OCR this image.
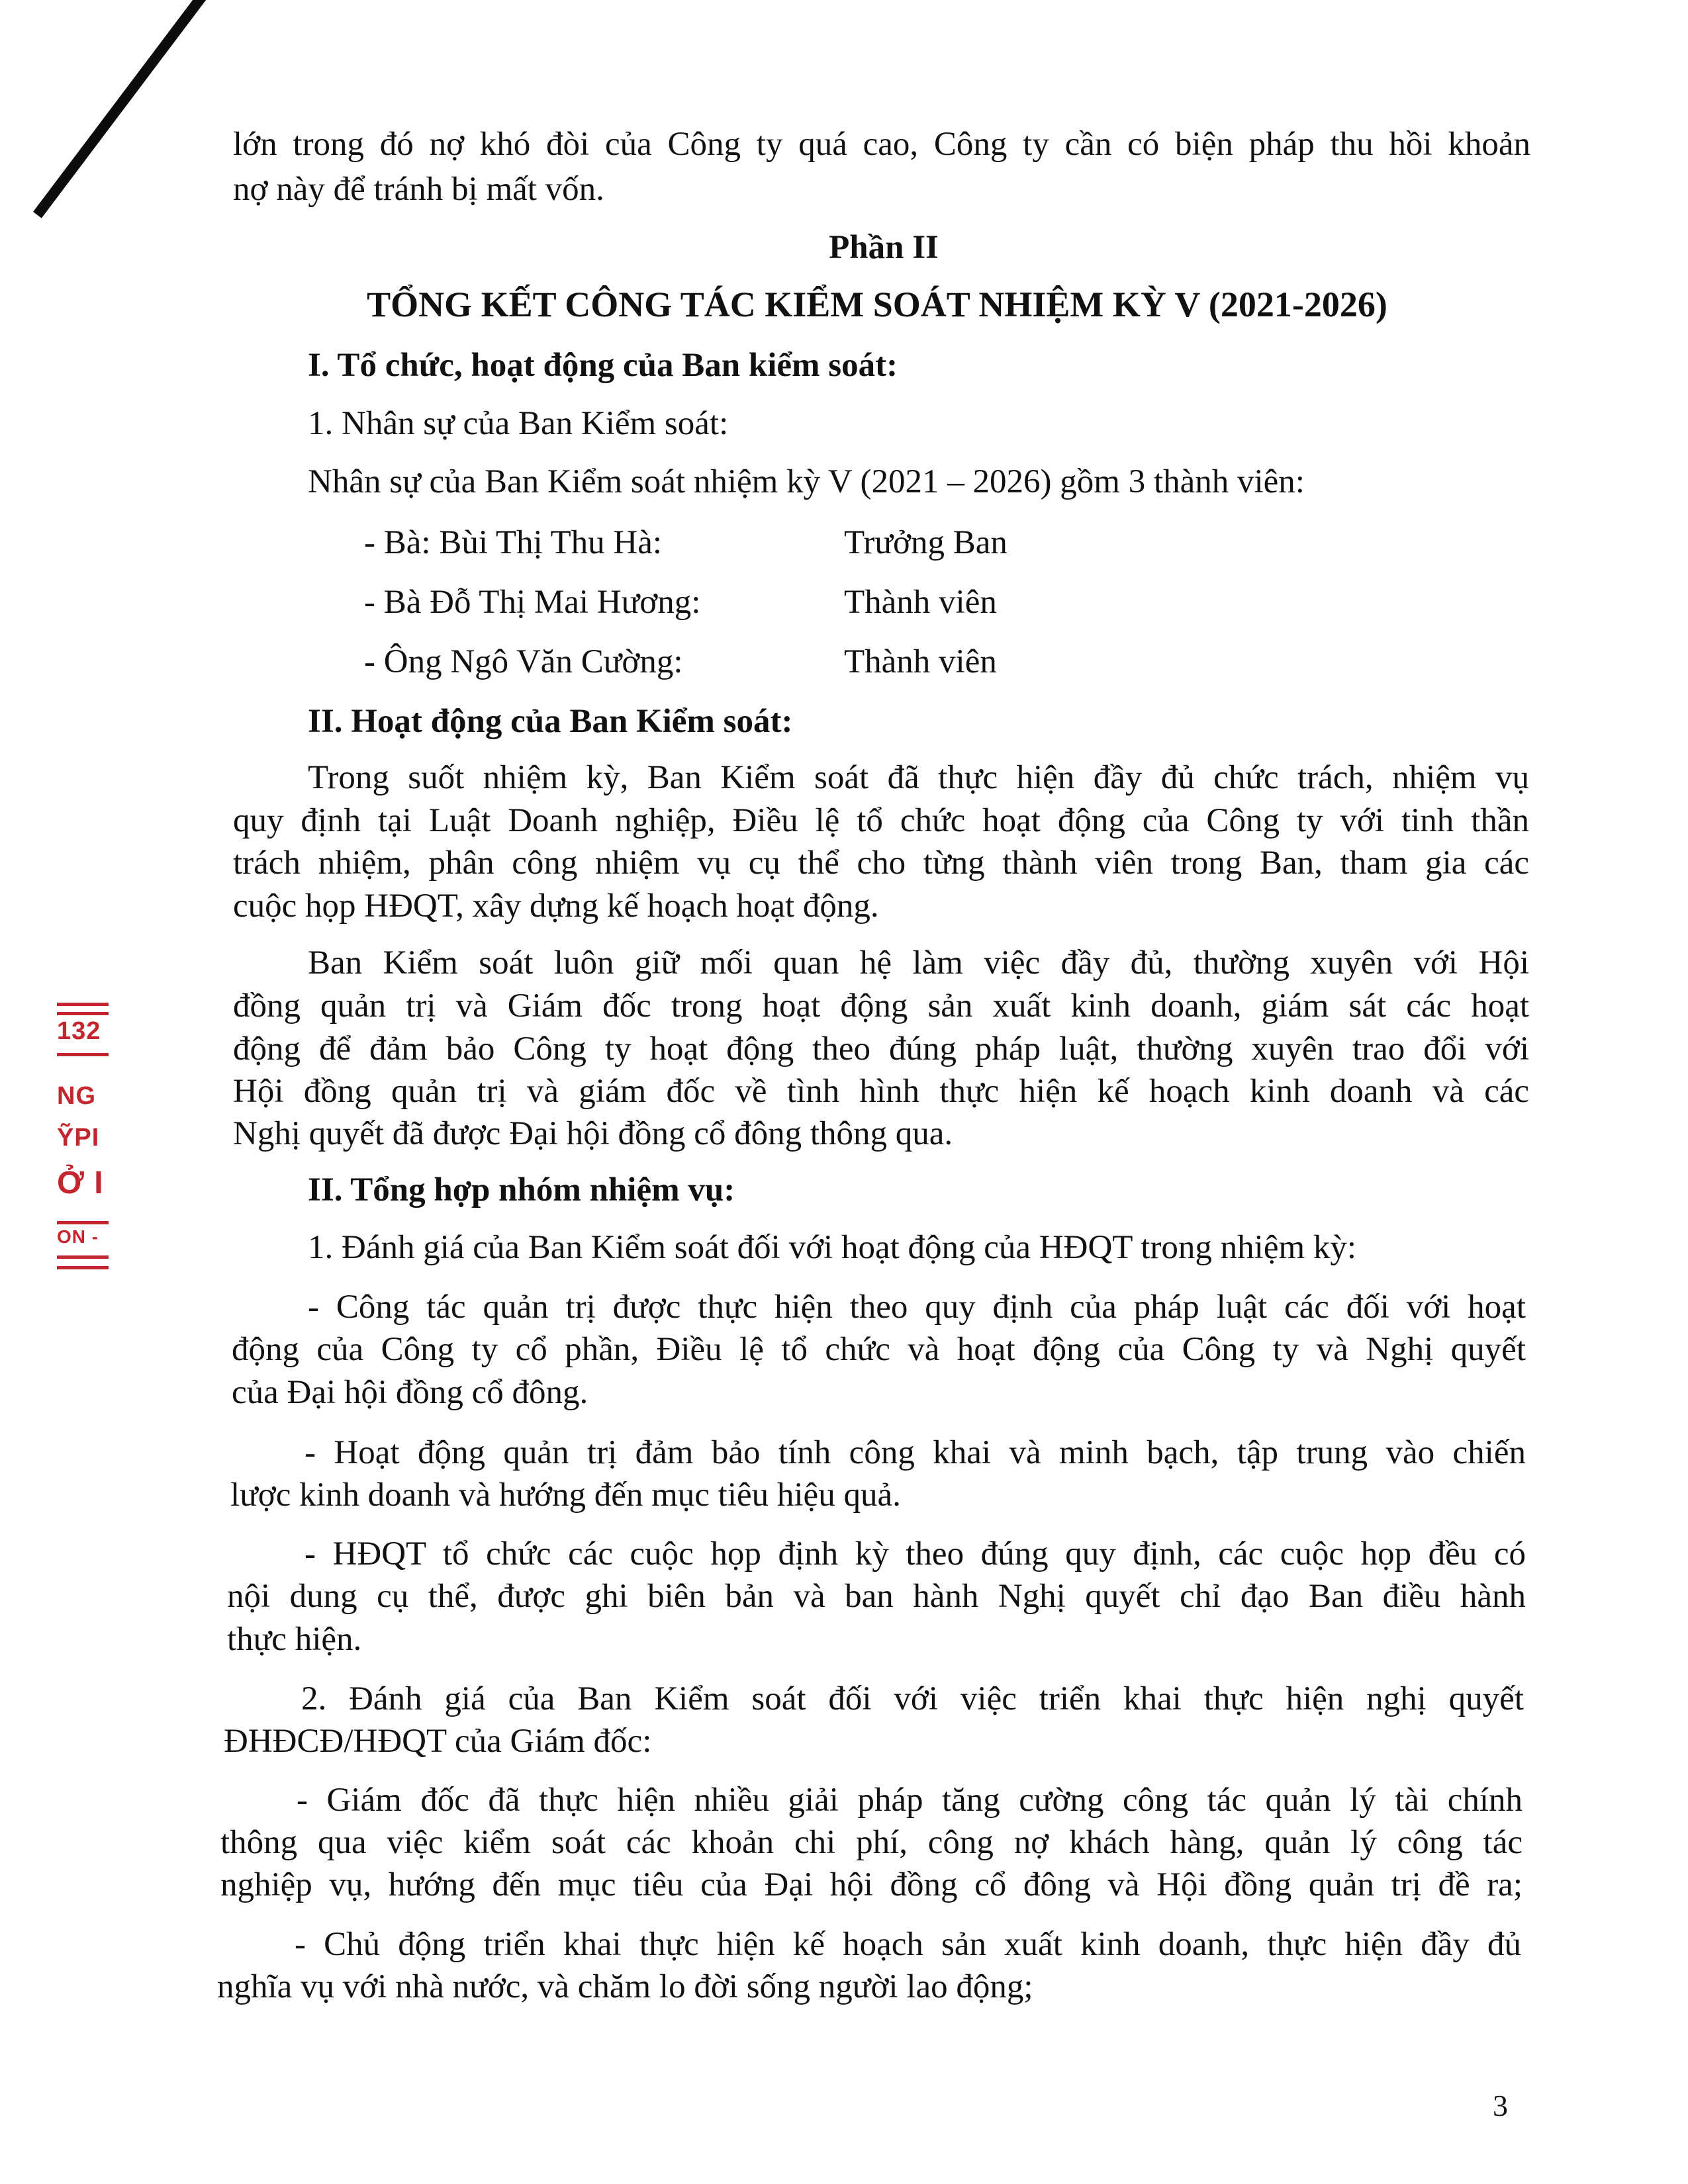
132
NG
ỸPI
Ở I
ON -
lớn trong đó nợ khó đòi của Công ty quá cao, Công ty cần có biện pháp thu hồi khoản
nợ này để tránh bị mất vốn.
Phần II
TỔNG KẾT CÔNG TÁC KIỂM SOÁT NHIỆM KỲ V (2021-2026)
I. Tổ chức, hoạt động của Ban kiểm soát:
1. Nhân sự của Ban Kiểm soát:
Nhân sự của Ban Kiểm soát nhiệm kỳ V (2021 – 2026) gồm 3 thành viên:
- Bà: Bùi Thị Thu Hà:	Trưởng Ban
- Bà Đỗ Thị Mai Hương:	Thành viên
- Ông Ngô Văn Cường:	Thành viên
II. Hoạt động của Ban Kiểm soát:
Trong suốt nhiệm kỳ, Ban Kiểm soát đã thực hiện đầy đủ chức trách, nhiệm vụ
quy định tại Luật Doanh nghiệp, Điều lệ tổ chức hoạt động của Công ty với tinh thần
trách nhiệm, phân công nhiệm vụ cụ thể cho từng thành viên trong Ban, tham gia các
cuộc họp HĐQT, xây dựng kế hoạch hoạt động.
Ban Kiểm soát luôn giữ mối quan hệ làm việc đầy đủ, thường xuyên với Hội
đồng quản trị và Giám đốc trong hoạt động sản xuất kinh doanh, giám sát các hoạt
động để đảm bảo Công ty hoạt động theo đúng pháp luật, thường xuyên trao đổi với
Hội đồng quản trị và giám đốc về tình hình thực hiện kế hoạch kinh doanh và các
Nghị quyết đã được Đại hội đồng cổ đông thông qua.
II. Tổng hợp nhóm nhiệm vụ:
1. Đánh giá của Ban Kiểm soát đối với hoạt động của HĐQT trong nhiệm kỳ:
- Công tác quản trị được thực hiện theo quy định của pháp luật các đối với hoạt
động của Công ty cổ phần, Điều lệ tổ chức và hoạt động của Công ty và Nghị quyết
của Đại hội đồng cổ đông.
- Hoạt động quản trị đảm bảo tính công khai và minh bạch, tập trung vào chiến
lược kinh doanh và hướng đến mục tiêu hiệu quả.
- HĐQT tổ chức các cuộc họp định kỳ theo đúng quy định, các cuộc họp đều có
nội dung cụ thể, được ghi biên bản và ban hành Nghị quyết chỉ đạo Ban điều hành
thực hiện.
2. Đánh giá của Ban Kiểm soát đối với việc triển khai thực hiện nghị quyết
ĐHĐCĐ/HĐQT của Giám đốc:
- Giám đốc đã thực hiện nhiều giải pháp tăng cường công tác quản lý tài chính
thông qua việc kiểm soát các khoản chi phí, công nợ khách hàng, quản lý công tác
nghiệp vụ, hướng đến mục tiêu của Đại hội đồng cổ đông và Hội đồng quản trị đề ra;
- Chủ động triển khai thực hiện kế hoạch sản xuất kinh doanh, thực hiện đầy đủ
nghĩa vụ với nhà nước, và chăm lo đời sống người lao động;
3
